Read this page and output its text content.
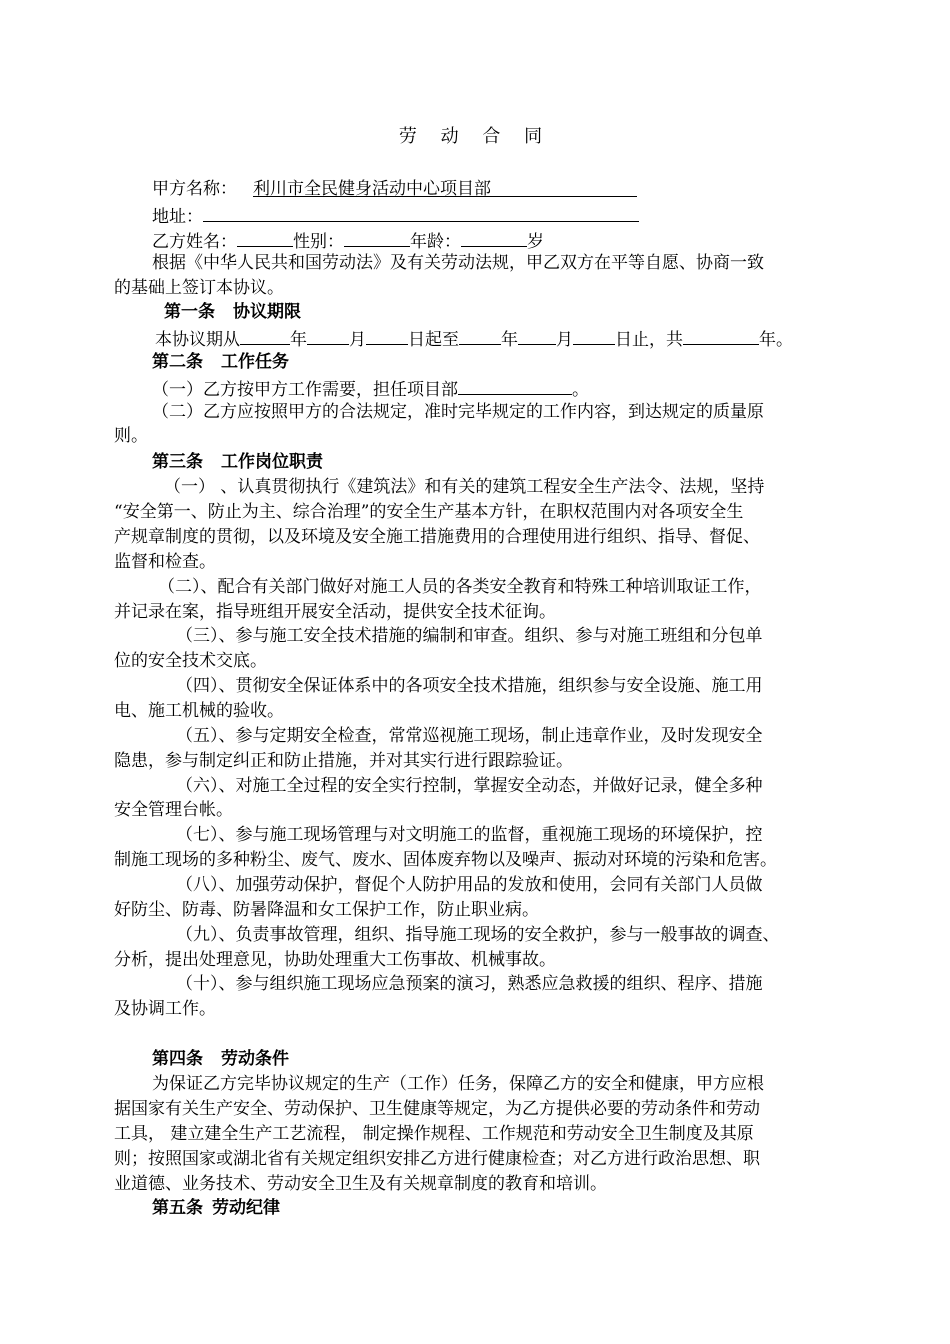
劳 动 合 同
甲方名称： 利川市全民健身活动中心项目部
地址：
乙方姓名：	性别：	年龄：	岁
根据《中华人民共和国劳动法》及有关劳动法规，甲乙双方在平等自愿、协商一致
的基础上签订本协议。
第一条 协议期限
本协议期从	年 月 日起至 年 月 日止，共	年。
第二条 工作任务
（一）乙方按甲方工作需要，担任项目部	。
（二）乙方应按照甲方的合法规定，准时完毕规定的工作内容，到达规定的质量原
则。
第三条 工作岗位职责
（一） 、认真贯彻执行《建筑法》和有关的建筑工程安全生产法令、法规，坚持
“安全第一、防止为主、综合治理”的安全生产基本方针，在职权范围内对各项安全生
产规章制度的贯彻，以及环境及安全施工措施费用的合理使用进行组织、指导、督促、
监督和检查。
（二）、配合有关部门做好对施工人员的各类安全教育和特殊工种培训取证工作，
并记录在案，指导班组开展安全活动，提供安全技术征询。
（三）、参与施工安全技术措施的编制和审查。组织、参与对施工班组和分包单
位的安全技术交底。
（四）、贯彻安全保证体系中的各项安全技术措施，组织参与安全设施、施工用
电、施工机械的验收。
（五）、参与定期安全检查，常常巡视施工现场，制止违章作业，及时发现安全
隐患，参与制定纠正和防止措施，并对其实行进行跟踪验证。
（六）、对施工全过程的安全实行控制，掌握安全动态，并做好记录，健全多种
安全管理台帐。
（七）、参与施工现场管理与对文明施工的监督，重视施工现场的环境保护，控
制施工现场的多种粉尘、废气、废水、固体废弃物以及噪声、振动对环境的污染和危害。
（八）、加强劳动保护，督促个人防护用品的发放和使用，会同有关部门人员做
好防尘、防毒、防暑降温和女工保护工作，防止职业病。
（九）、负责事故管理，组织、指导施工现场的安全救护，参与一般事故的调查、
分析，提出处理意见，协助处理重大工伤事故、机械事故。
（十）、参与组织施工现场应急预案的演习，熟悉应急救援的组织、程序、措施
及协调工作。
第四条 劳动条件
为保证乙方完毕协议规定的生产（工作）任务，保障乙方的安全和健康，甲方应根
据国家有关生产安全、劳动保护、卫生健康等规定，为乙方提供必要的劳动条件和劳动
工具， 建立建全生产工艺流程， 制定操作规程、工作规范和劳动安全卫生制度及其原
则；按照国家或湖北省有关规定组织安排乙方进行健康检查；对乙方进行政治思想、职
业道德、业务技术、劳动安全卫生及有关规章制度的教育和培训。
第五条 劳动纪律
